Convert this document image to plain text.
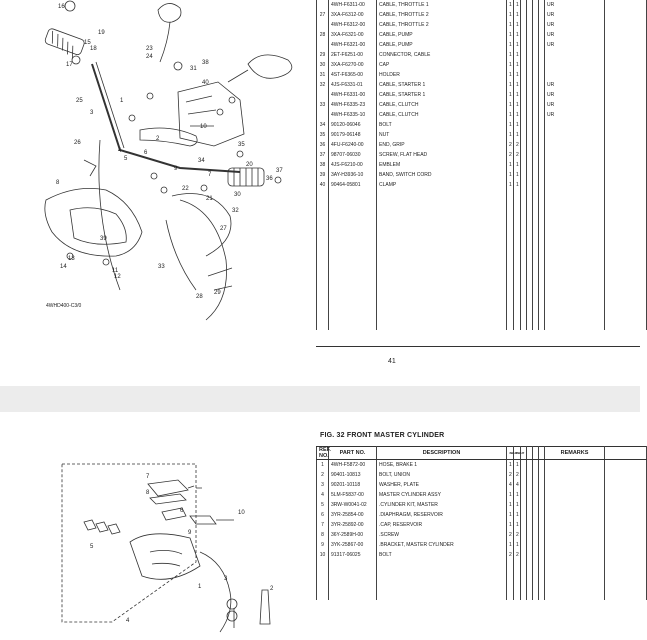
1
2
3
4
5
6
7
8
9
10
11
12
13
14
15
16
17
18
19
20
21
22
23
24
25
26
27
28
29
30
31
32
33
34
35
36
37
38
39
40
4WHD400-C3/0
	4WH-F6311-00	CABLE, THROTTLE 1	1	1					UR	
27	3XA-F6312-00	CABLE, THROTTLE 2	1	1					UR	
	4WH-F6312-00	CABLE, THROTTLE 2	1	1					UR	
28	3XA-F6321-00	CABLE, PUMP	1	1					UR	
	4WH-F6321-00	CABLE, PUMP	1	1					UR	
29	2ET-F6251-00	CONNECTOR, CABLE	1	1						
30	3XA-F6270-00	CAP	1	1						
31	4ST-F6365-00	HOLDER	1	1						
32	4JS-F6331-01	CABLE, STARTER 1	1	1					UR	
	4WH-F6331-00	CABLE, STARTER 1	1	1					UR	
33	4WH-F6335-23	CABLE, CLUTCH	1	1					UR	
	4WH-F6335-10	CABLE, CLUTCH	1	1					UR	
34	90120-06046	BOLT	1	1						
35	90179-06148	NUT	1	1						
36	4FU-F6240-00	END, GRIP	2	2						
37	98707-06030	SCREW, FLAT HEAD	2	2						
38	4JS-F6210-00	EMBLEM	1	1						
39	3AY-H3936-10	BAND, SWITCH CORD	1	1						
40	90464-05801	CLAMP	1	1						

41
FIG. 32 FRONT MASTER CYLINDER
1	2
3
4
5
6
7
8
9
10
REF. NO.	PART NO.	DESCRIPTION	4WH6	4WH7					REMARKS	
1	4WH-F5872-00	HOSE, BRAKE 1	1	1						
2	90401-10813	BOLT, UNION	2	2						
3	90201-10118	WASHER, PLATE	4	4						
4	5LM-F5837-00	MASTER CYLINDER ASSY	1	1						
5	3RW-W0041-02	.CYLINDER KIT, MASTER	1	1						
6	3YR-25854-00	.DIAPHRAGM, RESERVOIR	1	1						
7	3YR-25892-00	.CAP, RESERVOIR	1	1						
8	36Y-2589H-00	.SCREW	2	2						
9	3YK-25867-00	.BRACKET, MASTER CYLINDER	1	1						
10	91317-06025	BOLT	2	2						
